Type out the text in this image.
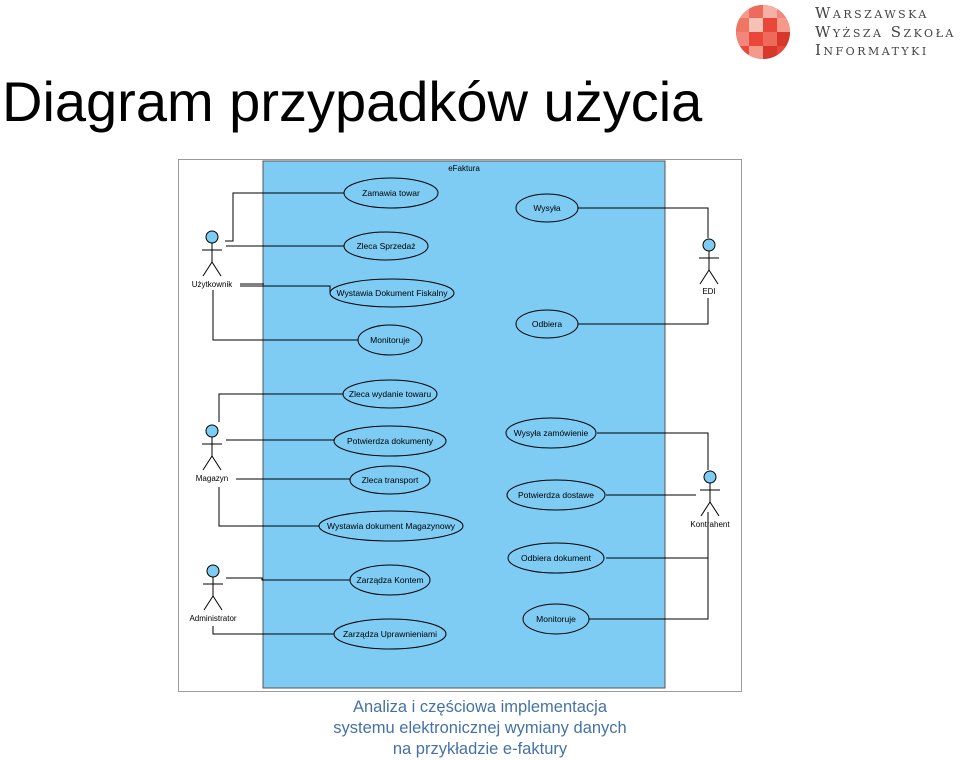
Diagram przypadków użycia
Warszawska
Wyższa Szkoła
Informatyki
eFaktura
Zamawia towar
Zleca Sprzedaż
Wystawia Dokument Fiskalny
Monitoruje
Wysyła
Odbiera
Zleca wydanie towaru
Potwierdza dokumenty
Zleca transport
Wystawia dokument Magazynowy
Wysyła zamówienie
Potwierdza dostawe
Odbiera dokument
Monitoruje
Zarządza Kontem
Zarządza Uprawnieniami
Użytkownik
EDI
Magazyn
Kontrahent
Administrator
Analiza i częściowa implementacja
systemu elektronicznej wymiany danych
na przykładzie e-faktury
